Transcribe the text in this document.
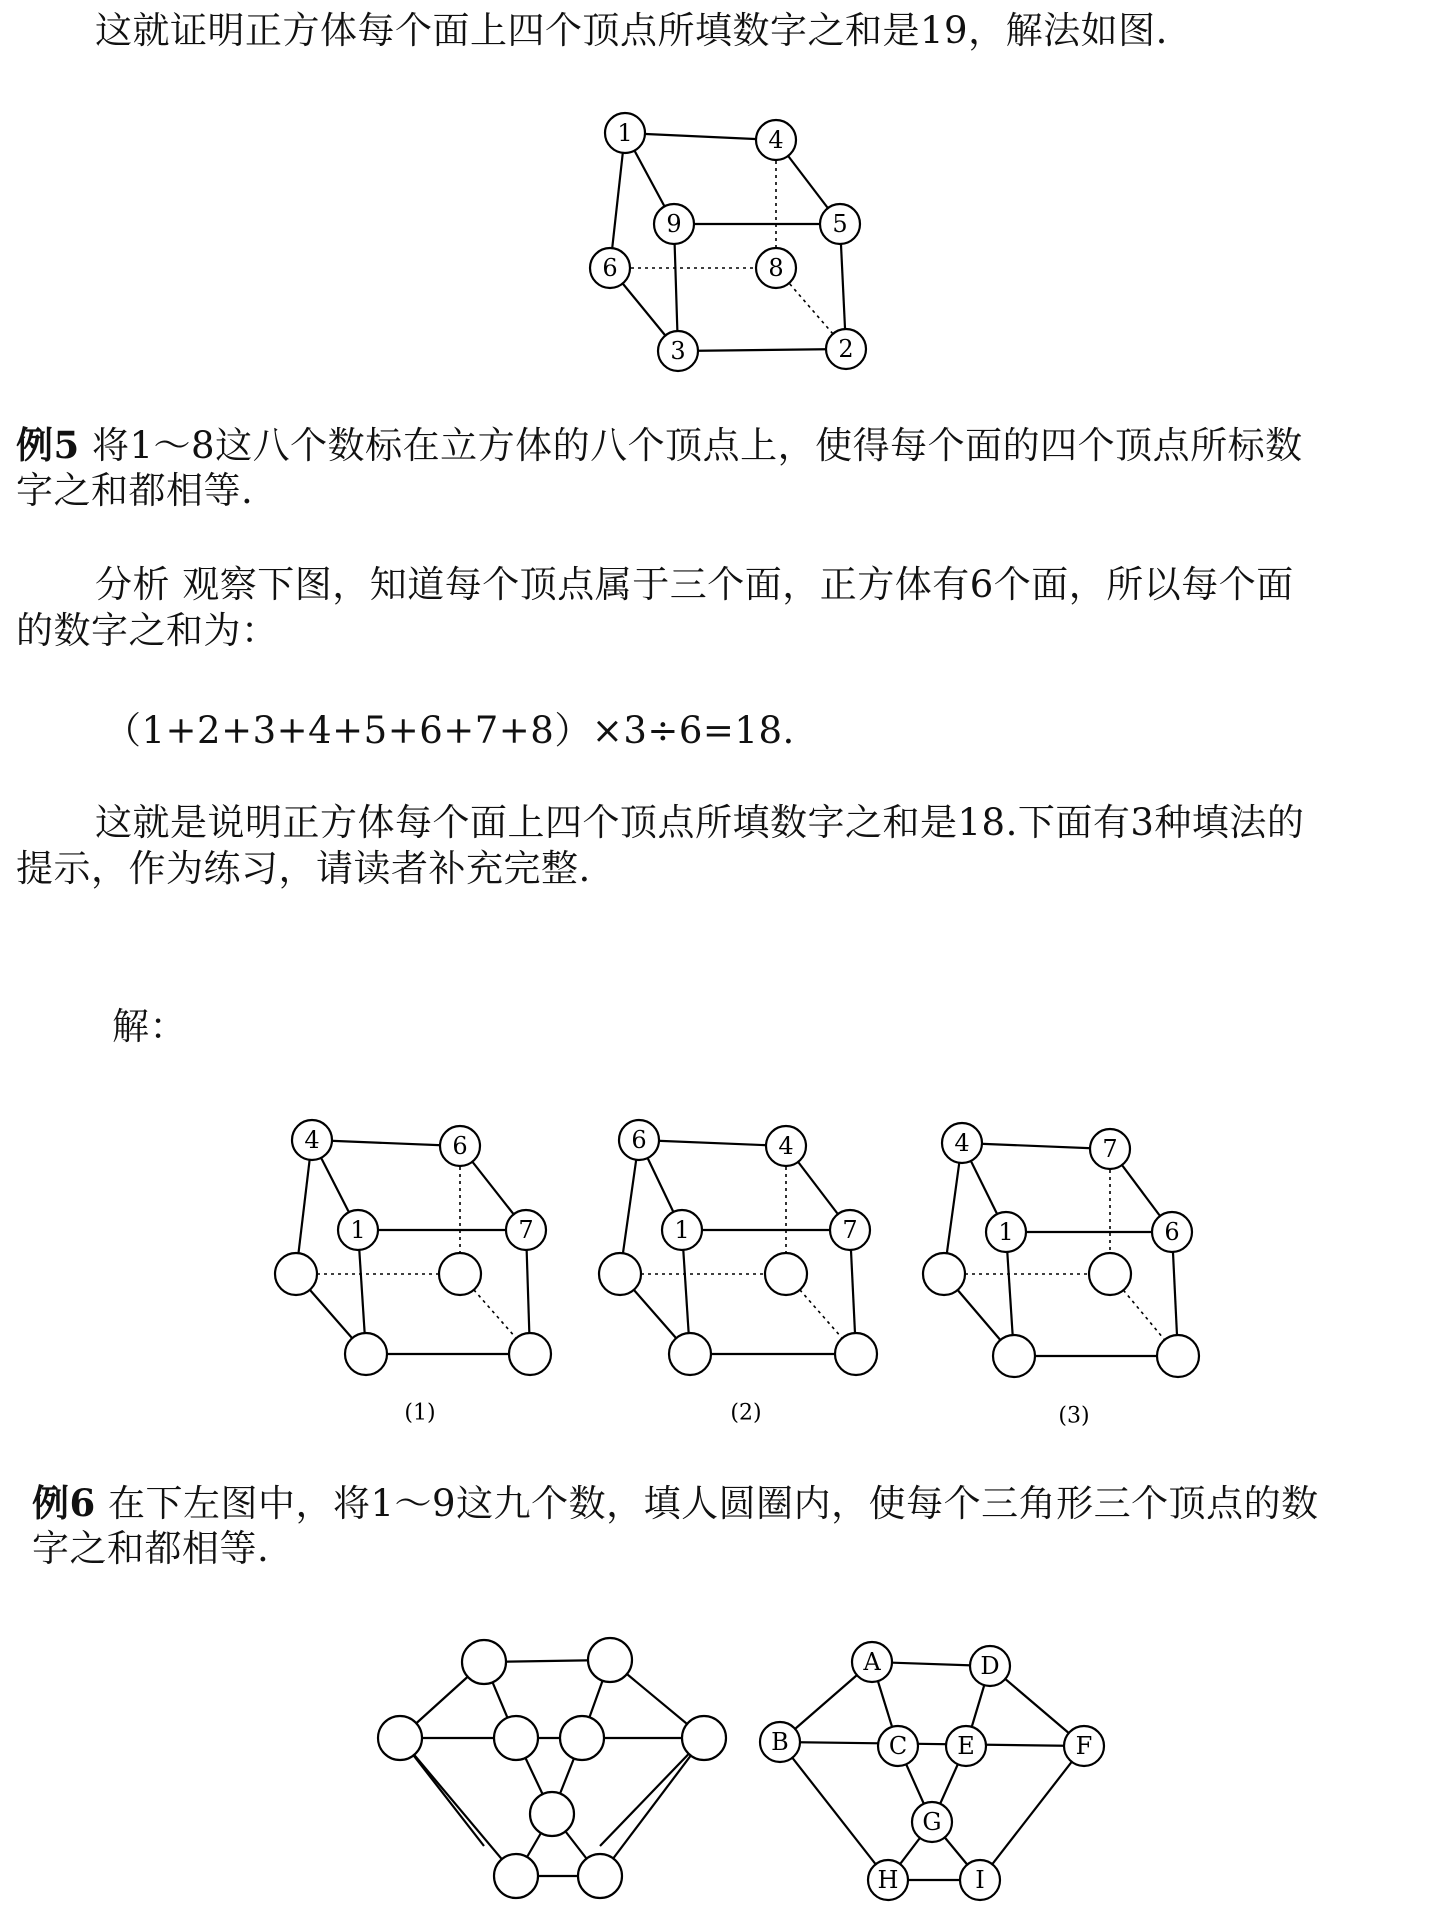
这就证明正方体每个面上四个顶点所填数字之和是19，解法如图.
1	4
9	5
6	8
3	2
4	6
1	7
(1)
6	4
1	7
(2)
4	7
1	6
(3)
A	D
B	C E	F
G
H	I
例5 将1～8这八个数标在立方体的八个顶点上，使得每个面的四个顶点所标数
字之和都相等.
分析 观察下图，知道每个顶点属于三个面，正方体有6个面，所以每个面
的数字之和为：
（1+2+3+4+5+6+7+8）×3÷6=18.
这就是说明正方体每个面上四个顶点所填数字之和是18.下面有3种填法的
提示，作为练习，请读者补充完整.
解：
例6 在下左图中，将1～9这九个数，填人圆圈内，使每个三角形三个顶点的数
字之和都相等.
